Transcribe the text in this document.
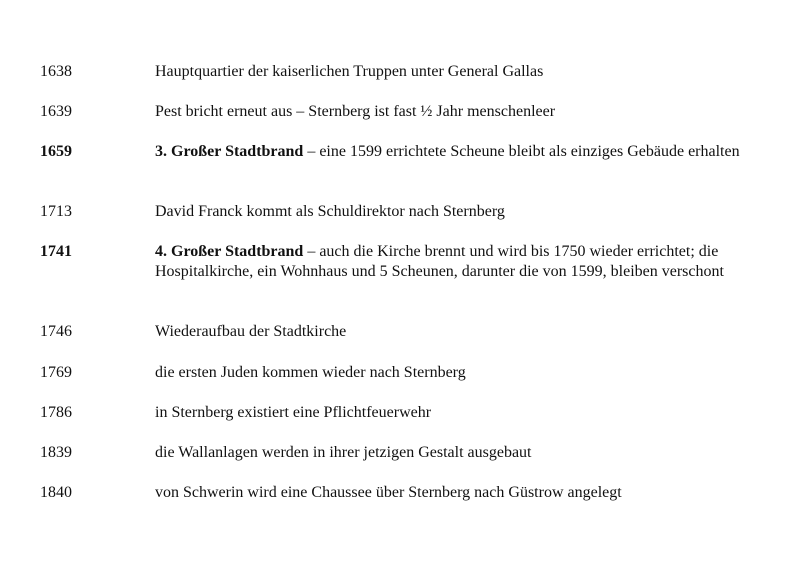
1638	Hauptquartier der kaiserlichen Truppen unter General Gallas
1639	Pest bricht erneut aus – Sternberg ist fast ½ Jahr menschenleer
1659	3. Großer Stadtbrand – eine 1599 errichtete Scheune bleibt als einziges Gebäude erhalten
1713	David Franck kommt als Schuldirektor nach Sternberg
1741	4. Großer Stadtbrand – auch die Kirche brennt und wird bis 1750 wieder errichtet; die Hospitalkirche, ein Wohnhaus und 5 Scheunen, darunter die von 1599, bleiben verschont
1746	Wiederaufbau der Stadtkirche
1769	die ersten Juden kommen wieder nach Sternberg
1786	in Sternberg existiert eine Pflichtfeuerwehr
1839	die Wallanlagen werden in ihrer jetzigen Gestalt ausgebaut
1840	von Schwerin wird eine Chaussee über Sternberg nach Güstrow angelegt
